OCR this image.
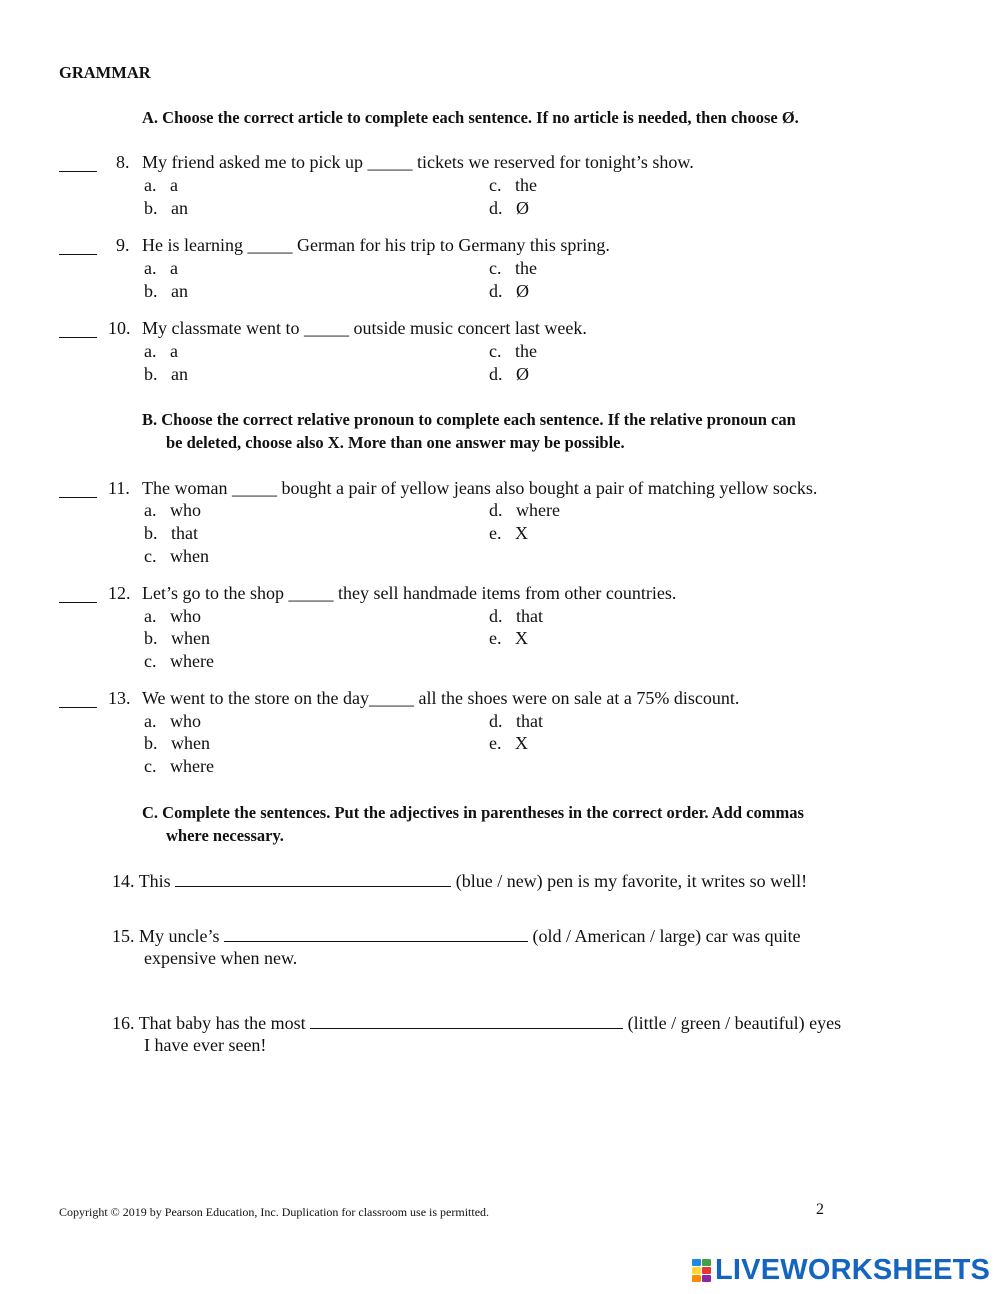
GRAMMAR
A. Choose the correct article to complete each sentence. If no article is needed, then choose Ø.
8. My friend asked me to pick up _____ tickets we reserved for tonight’s show.
a.   a
b.   an
c.   the
d.   Ø
9. He is learning _____ German for his trip to Germany this spring.
a.   a
b.   an
c.   the
d.   Ø
10. My classmate went to _____ outside music concert last week.
a.   a
b.   an
c.   the
d.   Ø
B. Choose the correct relative pronoun to complete each sentence. If the relative pronoun can
be deleted, choose also X. More than one answer may be possible.
11. The woman _____ bought a pair of yellow jeans also bought a pair of matching yellow socks.
a.   who
b.   that
c.   when
d.   where
e.   X
12. Let’s go to the shop _____ they sell handmade items from other countries.
a.   who
b.   when
c.   where
d.   that
e.   X
13. We went to the store on the day_____ all the shoes were on sale at a 75% discount.
a.   who
b.   when
c.   where
d.   that
e.   X
C. Complete the sentences. Put the adjectives in parentheses in the correct order. Add commas
where necessary.
14. This	(blue / new) pen is my favorite, it writes so well!
15. My uncle’s	(old / American / large) car was quite
expensive when new.
16. That baby has the most	(little / green / beautiful) eyes
I have ever seen!
Copyright © 2019 by Pearson Education, Inc. Duplication for classroom use is permitted.	2
LIVEWORKSHEETS
